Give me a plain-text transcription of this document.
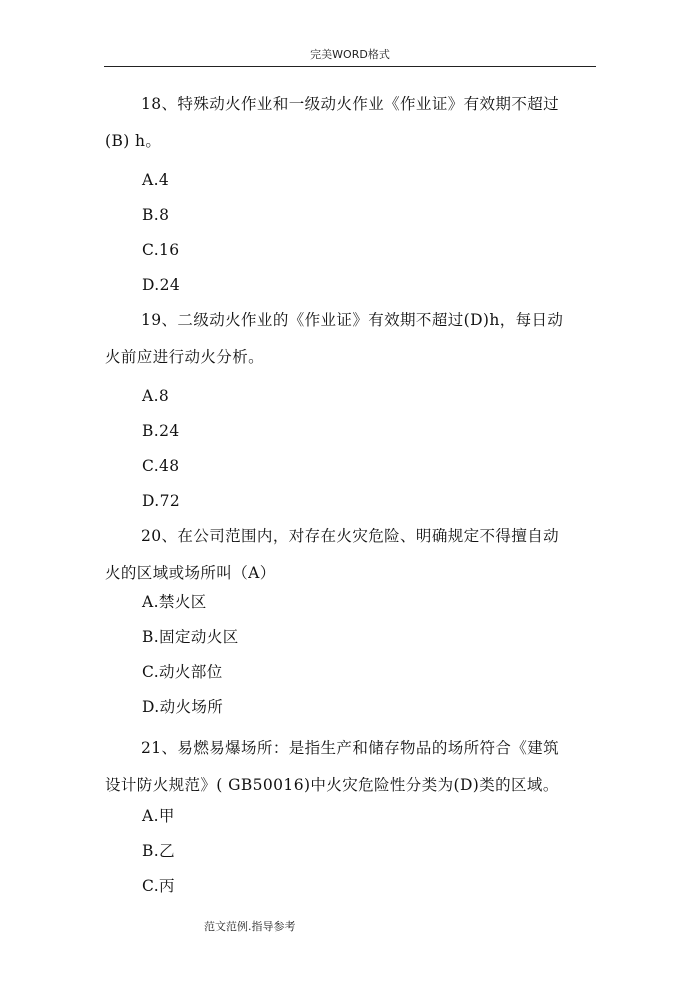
完美WORD格式
18、特殊动火作业和一级动火作业《作业证》有效期不超过
(B) h。
A.4
B.8
C.16
D.24
19、二级动火作业的《作业证》有效期不超过(D)h，每日动
火前应进行动火分析。
A.8
B.24
C.48
D.72
20、在公司范围内，对存在火灾危险、明确规定不得擅自动
火的区域或场所叫（A）
A.禁火区
B.固定动火区
C.动火部位
D.动火场所
21、易燃易爆场所：是指生产和储存物品的场所符合《建筑
设计防火规范》( GB50016)中火灾危险性分类为(D)类的区域。
A.甲
B.乙
C.丙
范文范例.指导参考
